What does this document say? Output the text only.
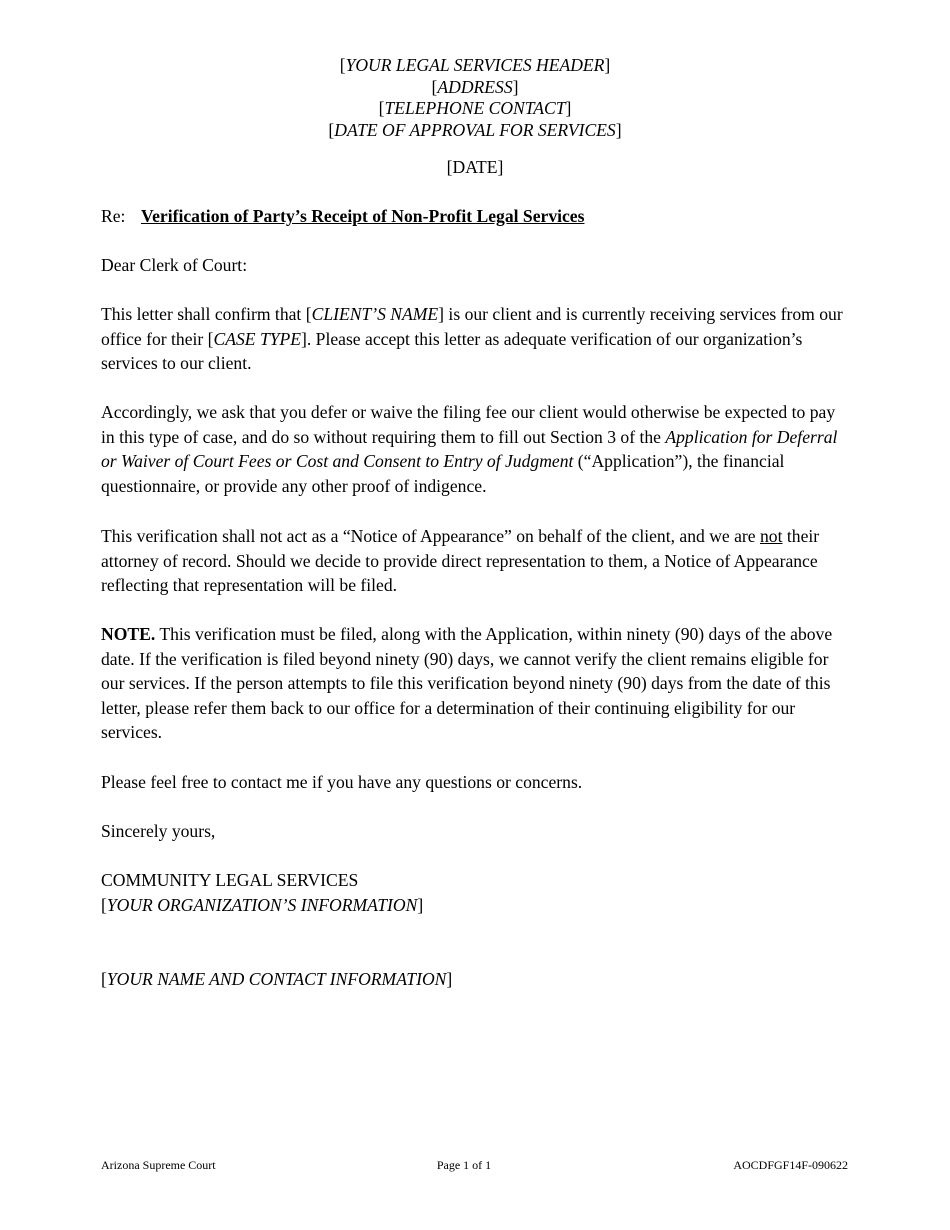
[YOUR LEGAL SERVICES HEADER]
[ADDRESS]
[TELEPHONE CONTACT]
[DATE OF APPROVAL FOR SERVICES]
[DATE]
Re: Verification of Party’s Receipt of Non-Profit Legal Services
Dear Clerk of Court:
This letter shall confirm that [CLIENT’S NAME] is our client and is currently receiving services from our office for their [CASE TYPE]. Please accept this letter as adequate verification of our organization’s services to our client.
Accordingly, we ask that you defer or waive the filing fee our client would otherwise be expected to pay in this type of case, and do so without requiring them to fill out Section 3 of the Application for Deferral or Waiver of Court Fees or Cost and Consent to Entry of Judgment (“Application”), the financial questionnaire, or provide any other proof of indigence.
This verification shall not act as a “Notice of Appearance” on behalf of the client, and we are not their attorney of record. Should we decide to provide direct representation to them, a Notice of Appearance reflecting that representation will be filed.
NOTE. This verification must be filed, along with the Application, within ninety (90) days of the above date. If the verification is filed beyond ninety (90) days, we cannot verify the client remains eligible for our services. If the person attempts to file this verification beyond ninety (90) days from the date of this letter, please refer them back to our office for a determination of their continuing eligibility for our services.
Please feel free to contact me if you have any questions or concerns.
Sincerely yours,
COMMUNITY LEGAL SERVICES
[YOUR ORGANIZATION’S INFORMATION]
[YOUR NAME AND CONTACT INFORMATION]
Arizona Supreme Court	Page 1 of 1	AOCDFGF14F-090622
